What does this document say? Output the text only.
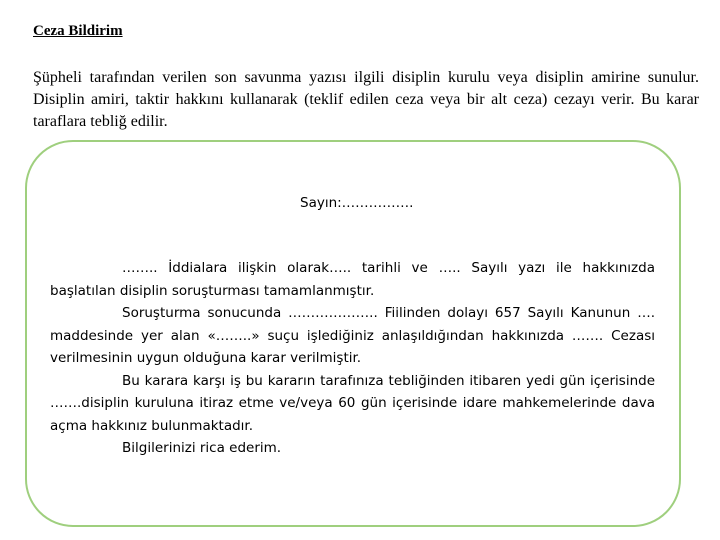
Ceza Bildirim

Şüpheli tarafından verilen son savunma yazısı ilgili disiplin kurulu veya disiplin amirine sunulur. Disiplin amiri, taktir hakkını kullanarak (teklif edilen ceza veya bir alt ceza) cezayı verir. Bu karar taraflara tebliğ edilir.

Sayın:…………….

…….. İddialara ilişkin olarak….. tarihli ve ….. Sayılı yazı ile hakkınızda başlatılan disiplin soruşturması tamamlanmıştır.

Soruşturma sonucunda ……………….. Fiilinden dolayı 657 Sayılı Kanunun …. maddesinde yer alan «……..» suçu işlediğiniz anlaşıldığından hakkınızda ……. Cezası verilmesinin uygun olduğuna karar verilmiştir.

Bu karara karşı iş bu kararın tarafınıza tebliğinden itibaren yedi gün içerisinde …….disiplin kuruluna itiraz etme ve/veya 60 gün içerisinde idare mahkemelerinde dava açma hakkınız bulunmaktadır.

Bilgilerinizi rica ederim.
